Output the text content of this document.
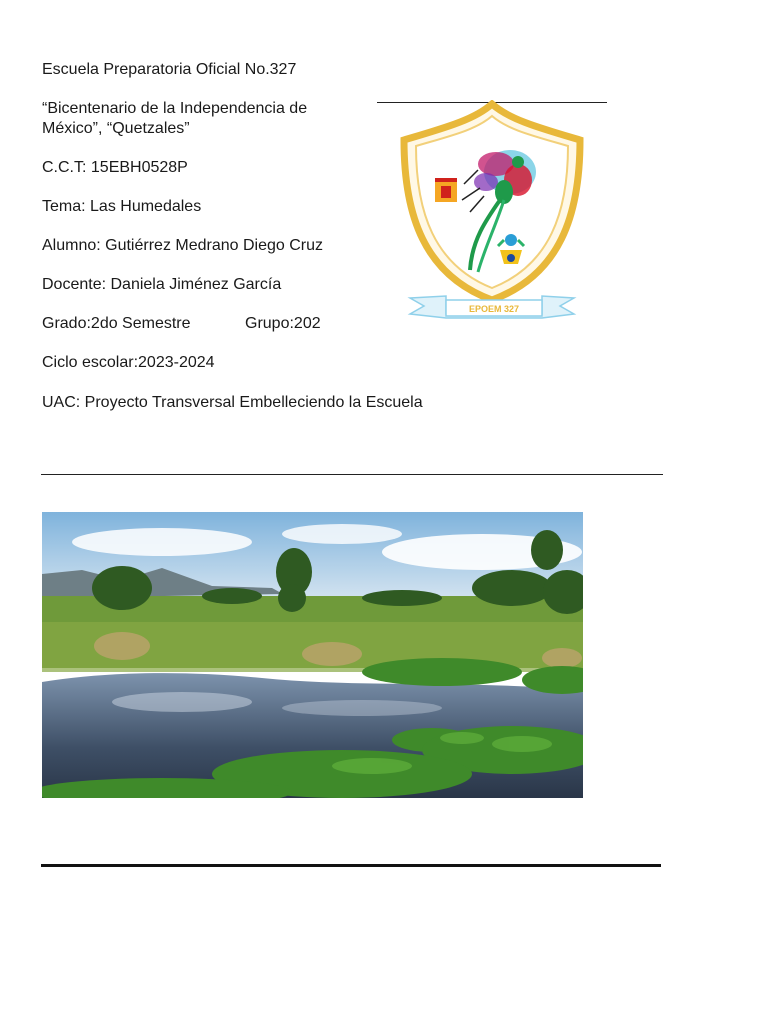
Escuela Preparatoria Oficial No.327
“Bicentenario de la Independencia de
México”, “Quetzales”
C.C.T: 15EBH0528P
Tema: Las Humedales
Alumno: Gutiérrez Medrano Diego Cruz
Docente: Daniela Jiménez García
Grado:2do Semestre	Grupo:202
Ciclo escolar:2023-2024
UAC: Proyecto Transversal Embelleciendo la Escuela
EPOEM 327
